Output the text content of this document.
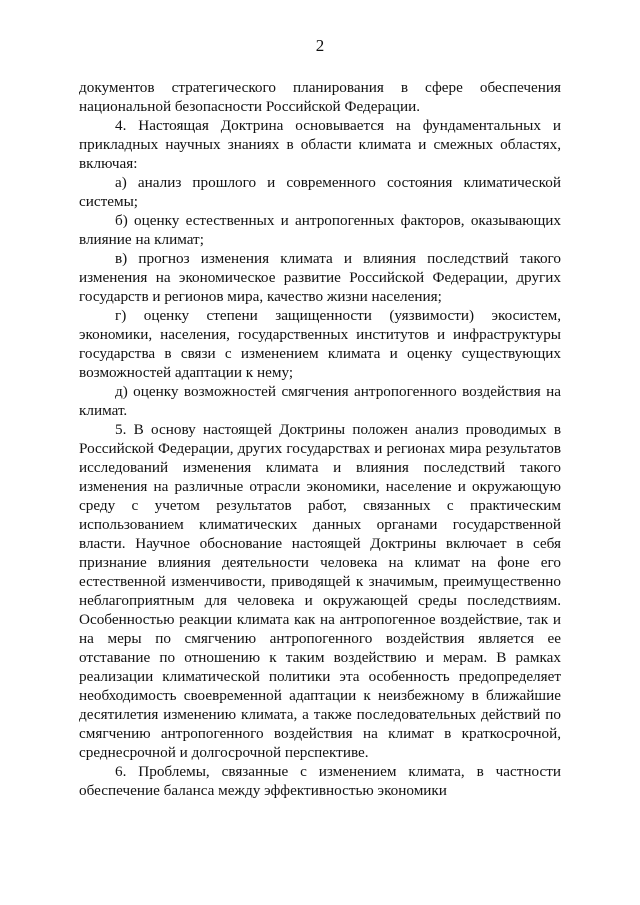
2

документов стратегического планирования в сфере обеспечения национальной безопасности Российской Федерации.

4. Настоящая Доктрина основывается на фундаментальных и прикладных научных знаниях в области климата и смежных областях, включая:

а) анализ прошлого и современного состояния климатической системы;

б) оценку естественных и антропогенных факторов, оказывающих влияние на климат;

в) прогноз изменения климата и влияния последствий такого изменения на экономическое развитие Российской Федерации, других государств и регионов мира, качество жизни населения;

г) оценку степени защищенности (уязвимости) экосистем, экономики, населения, государственных институтов и инфраструктуры государства в связи с изменением климата и оценку существующих возможностей адаптации к нему;

д) оценку возможностей смягчения антропогенного воздействия на климат.

5. В основу настоящей Доктрины положен анализ проводимых в Российской Федерации, других государствах и регионах мира результатов исследований изменения климата и влияния последствий такого изменения на различные отрасли экономики, население и окружающую среду с учетом результатов работ, связанных с практическим использованием климатических данных органами государственной власти. Научное обоснование настоящей Доктрины включает в себя признание влияния деятельности человека на климат на фоне его естественной изменчивости, приводящей к значимым, преимущественно неблагоприятным для человека и окружающей среды последствиям. Особенностью реакции климата как на антропогенное воздействие, так и на меры по смягчению антропогенного воздействия является ее отставание по отношению к таким воздействию и мерам. В рамках реализации климатической политики эта особенность предопределяет необходимость своевременной адаптации к неизбежному в ближайшие десятилетия изменению климата, а также последовательных действий по смягчению антропогенного воздействия на климат в краткосрочной, среднесрочной и долгосрочной перспективе.

6. Проблемы, связанные с изменением климата, в частности обеспечение баланса между эффективностью экономики
